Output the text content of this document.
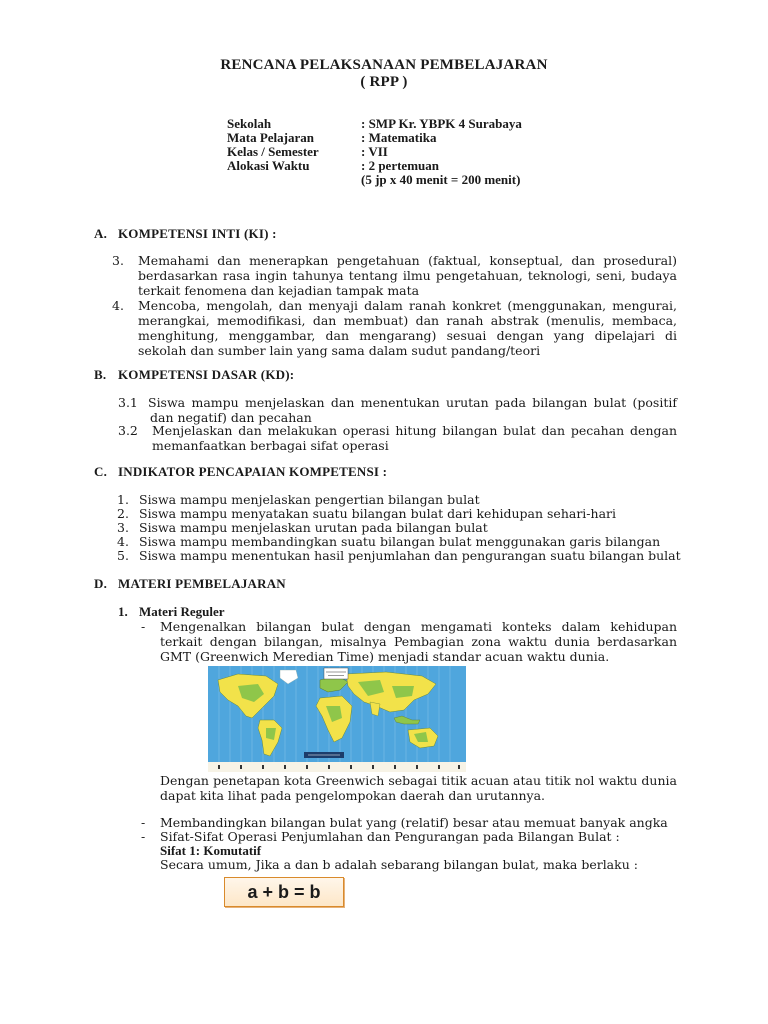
RENCANA PELAKSANAAN PEMBELAJARAN
( RPP )
Sekolah	: SMP Kr. YBPK 4 Surabaya
Mata Pelajaran	: Matematika
Kelas / Semester	: VII
Alokasi Waktu	: 2 pertemuan
(5 jp x 40 menit = 200 menit)
A. KOMPETENSI INTI (KI) :
3. Memahami dan menerapkan pengetahuan (faktual, konseptual, dan prosedural) berdasarkan rasa ingin tahunya tentang ilmu pengetahuan, teknologi, seni, budaya terkait fenomena dan kejadian tampak mata
4. Mencoba, mengolah, dan menyaji dalam ranah konkret (menggunakan, mengurai, merangkai, memodifikasi, dan membuat) dan ranah abstrak (menulis, membaca, menghitung, menggambar, dan mengarang) sesuai dengan yang dipelajari di sekolah dan sumber lain yang sama dalam sudut pandang/teori
B. KOMPETENSI DASAR (KD):
3.1 Siswa mampu menjelaskan dan menentukan urutan pada bilangan bulat (positif dan negatif) dan pecahan
3.2 Menjelaskan dan melakukan operasi hitung bilangan bulat dan pecahan dengan memanfaatkan berbagai sifat operasi
C. INDIKATOR PENCAPAIAN KOMPETENSI :
1. Siswa mampu menjelaskan pengertian bilangan bulat
2. Siswa mampu menyatakan suatu bilangan bulat dari kehidupan sehari-hari
3. Siswa mampu menjelaskan urutan pada bilangan bulat
4. Siswa mampu membandingkan suatu bilangan bulat menggunakan garis bilangan
5. Siswa mampu menentukan hasil penjumlahan dan pengurangan suatu bilangan bulat
D. MATERI PEMBELAJARAN
1. Materi Reguler
- Mengenalkan bilangan bulat dengan mengamati konteks dalam kehidupan terkait dengan bilangan, misalnya Pembagian zona waktu dunia berdasarkan GMT (Greenwich Meredian Time) menjadi standar acuan waktu dunia.
Dengan penetapan kota Greenwich sebagai titik acuan atau titik nol waktu dunia dapat kita lihat pada pengelompokan daerah dan urutannya.
- Membandingkan bilangan bulat yang (relatif) besar atau memuat banyak angka
- Sifat-Sifat Operasi Penjumlahan dan Pengurangan pada Bilangan Bulat :
Sifat 1: Komutatif
Secara umum, Jika a dan b adalah sebarang bilangan bulat, maka berlaku :
a + b = b
